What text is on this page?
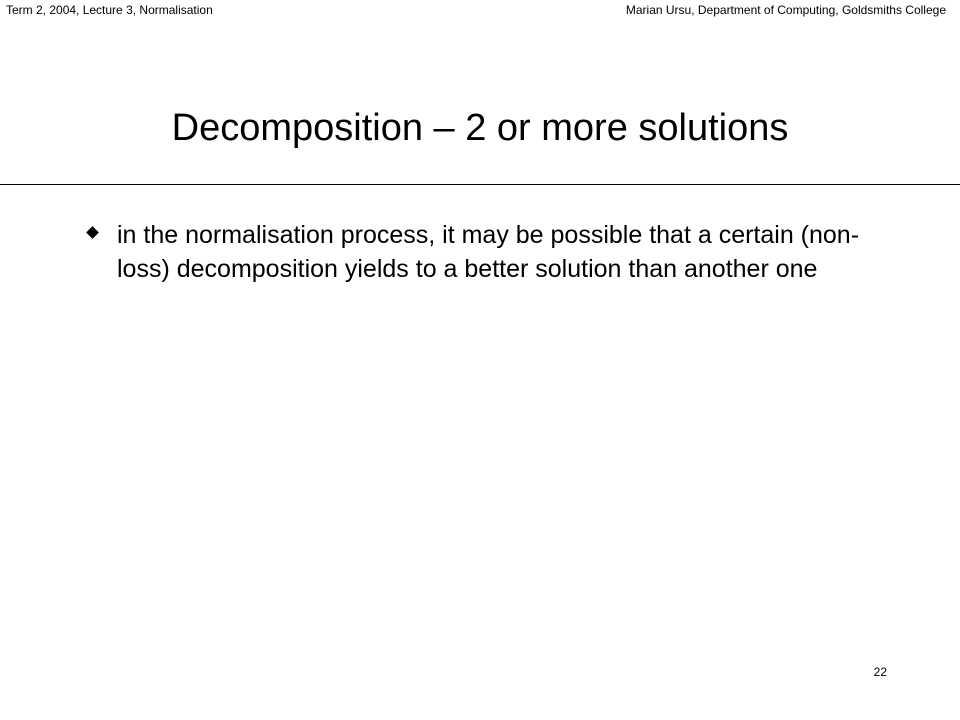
Term 2, 2004, Lecture 3, Normalisation	Marian Ursu, Department of Computing, Goldsmiths College
Decomposition – 2 or more solutions
in the normalisation process, it may be possible that a certain (non-loss) decomposition yields to a better solution than another one
22
